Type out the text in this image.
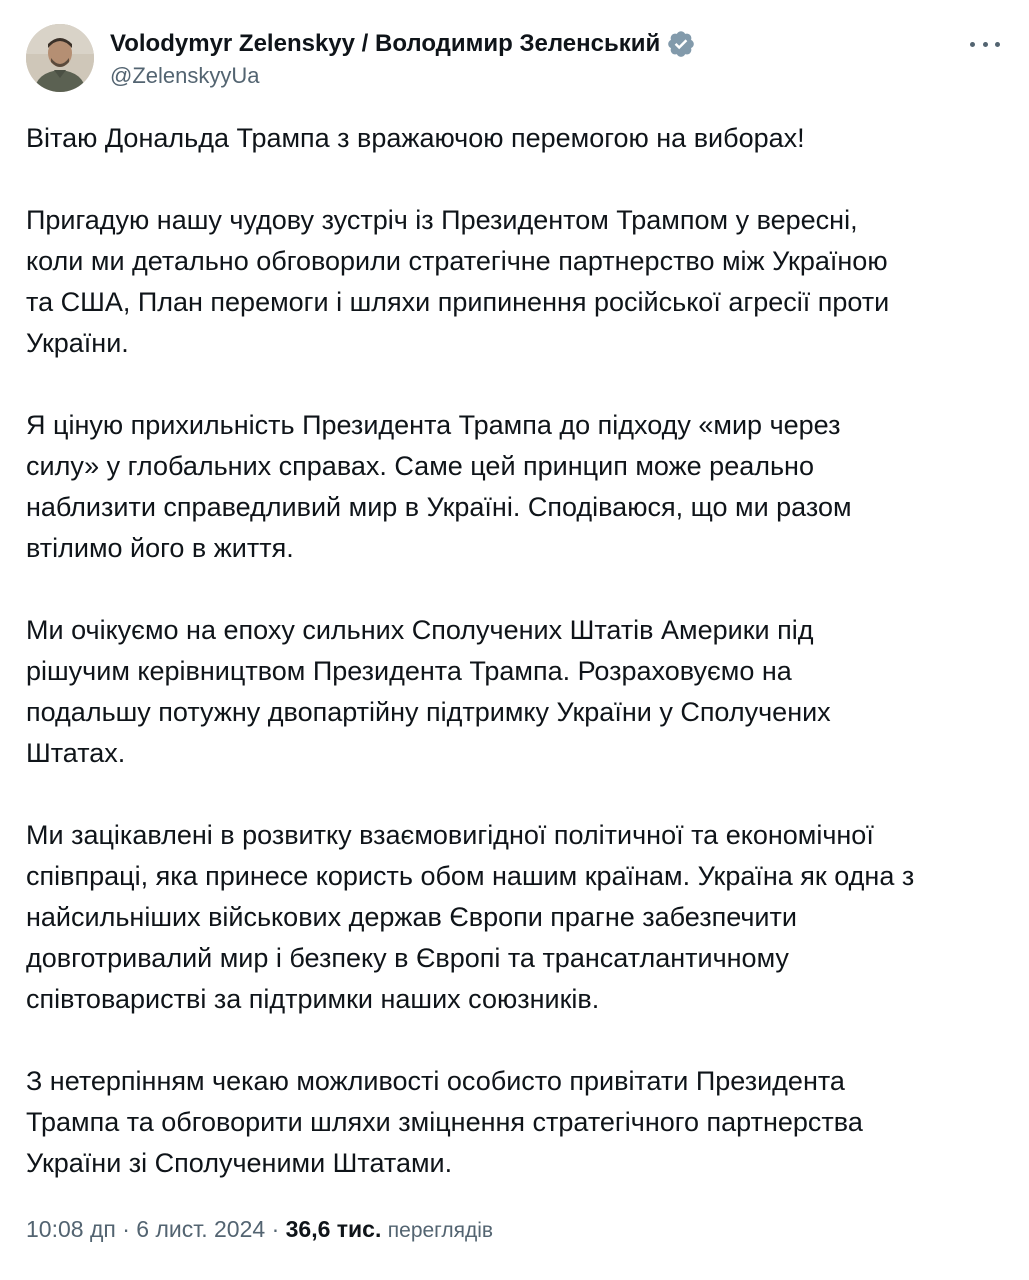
Volodymyr Zelenskyy / Володимир Зеленський
@ZelenskyyUa

Вітаю Дональда Трампа з вражаючою перемогою на виборах!

Пригадую нашу чудову зустріч із Президентом Трампом у вересні,
коли ми детально обговорили стратегічне партнерство між Україною
та США, План перемоги і шляхи припинення російської агресії проти
України.

Я ціную прихильність Президента Трампа до підходу «мир через
силу» у глобальних справах. Саме цей принцип може реально
наблизити справедливий мир в Україні. Сподіваюся, що ми разом
втілимо його в життя.

Ми очікуємо на епоху сильних Сполучених Штатів Америки під
рішучим керівництвом Президента Трампа. Розраховуємо на
подальшу потужну двопартійну підтримку України у Сполучених
Штатах.

Ми зацікавлені в розвитку взаємовигідної політичної та економічної
співпраці, яка принесе користь обом нашим країнам. Україна як одна з
найсильніших військових держав Європи прагне забезпечити
довготривалий мир і безпеку в Європі та трансатлантичному
співтоваристві за підтримки наших союзників.

З нетерпінням чекаю можливості особисто привітати Президента
Трампа та обговорити шляхи зміцнення стратегічного партнерства
України зі Сполученими Штатами.

10:08 дп · 6 лист. 2024 · 36,6 тис. переглядів
